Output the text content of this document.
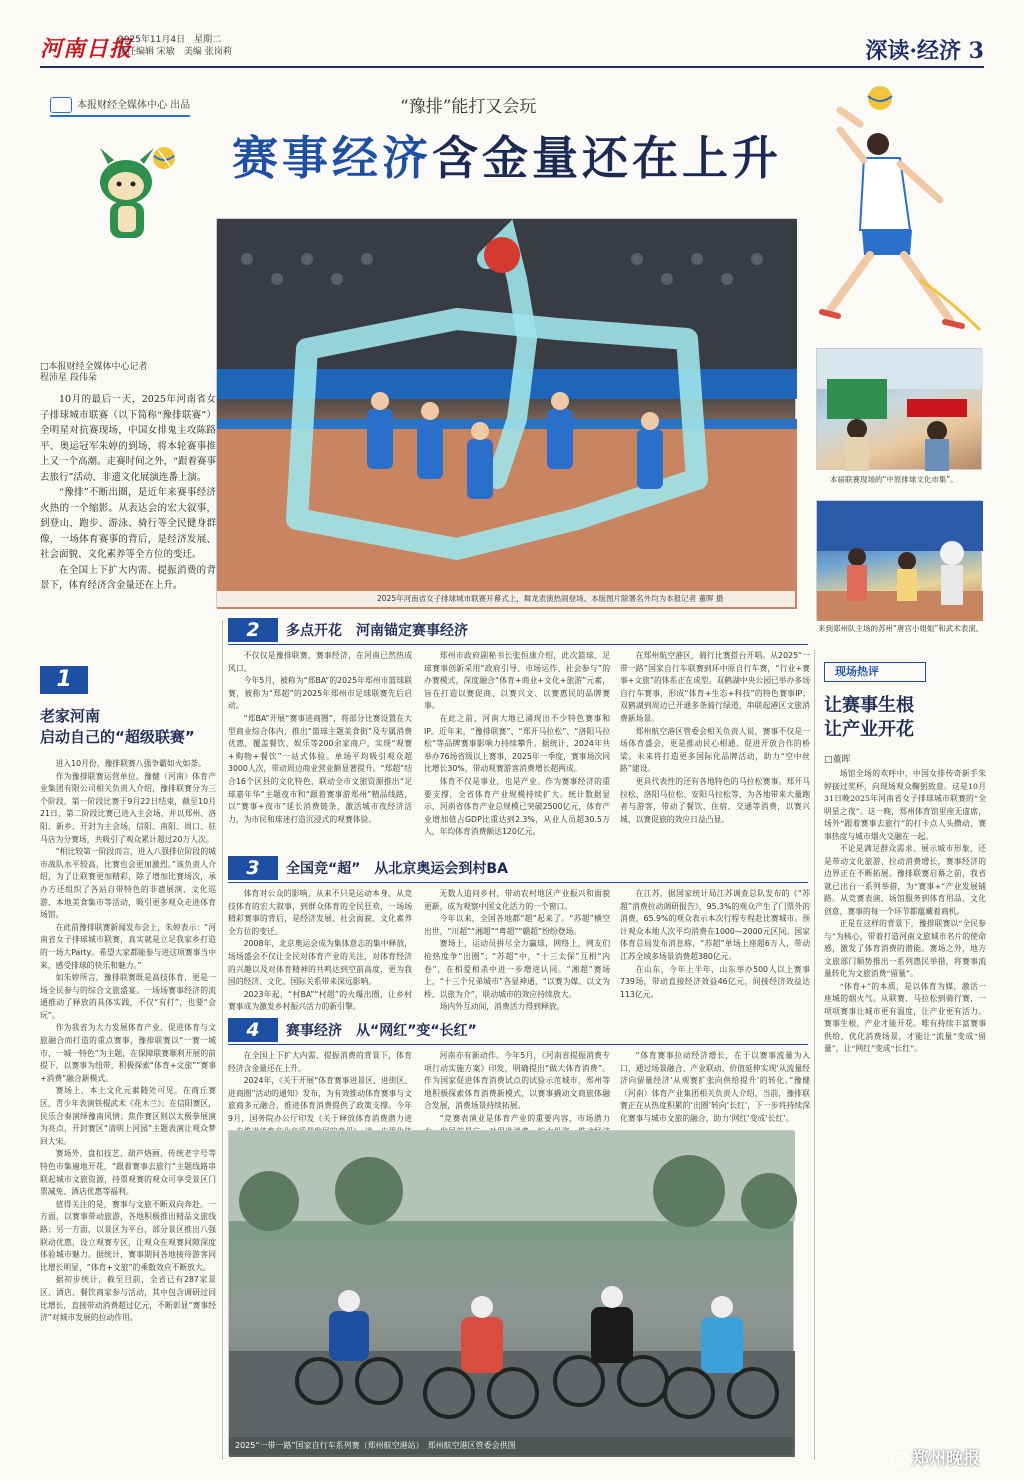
河南日报
2025年11月4日　星期二
责任编辑 宋敏　美编 张岗莉	深读·经济 3
本报财经全媒体中心 出品	“豫排”能打又会玩
赛事经济含金量还在上升
2025年河南省女子排球城市联赛开幕式上，舞龙表演热闹登场。本版图片除署名外均为本报记者 董晖 摄
本届联赛现场的“中原排球文化市集”。
来到郑州队主场的苏州“唐宫小姐姐”和武术表演。
□本报财经全媒体中心记者
程沛星 段伟朵

10月的最后一天，2025年河南省女子排球城市联赛（以下简称“豫排联赛”）全明星对抗赛现场，中国女排鬼主攻陈路平、奥运冠军朱婷的到场，将本轮赛事推上又一个高潮。走赛时间之外，“跟着赛事去旅行”活动、非遗文化展演连番上演。

“豫排”不断出圈，是近年来赛事经济火热的一个缩影。从表达会的宏大叙事，到登山、跑步、游泳、骑行等全民健身群像，一场体育赛事的背后，是经济发展、社会面貌、文化素养等全方位的变迁。

在全国上下扩大内需、提振消费的背景下，体育经济含金量还在上升。

1
老家河南
启动自己的“超级联赛”

进入10月份，豫排联赛八强争霸如火如荼。

作为豫排联赛运营单位，豫健（河南）体育产业集团有限公司相关负责人介绍，豫排联赛分为三个阶段，第一阶段比赛于9月22日结束，截至10月21日，第二阶段比赛已进入主会场，并以郑州、洛阳、新乡、开封为主会场，信阳、南阳、周口、驻马店为分赛场，共吸引了观众累计超过20万人次。

“相比较第一阶段而言，进入八强排位阶段的城市战队水平较高，比赛也会更加激烈。”该负责人介绍，为了让联赛更加精彩，除了增加比赛场次，承办方还组织了各站自带特色的非遗展演、文化巡游、本地美食集市等活动，吸引更多观众走进体育场馆。

在此前豫排联赛新闻发布会上，朱婷表示：“河南省女子排球城市联赛，真实就是立足我家乡打造的一场大Party。希望大家都能参与进这项赛事当中来，感受排球的快乐和魅力。”

如朱婷所言，豫排联赛既是高技体育，更是一场全民参与的综合文旅盛宴。一场场赛事经济的流通推动了释放的具体实践，不仅“有打”，也要“会玩”。

作为我省为大力发展体育产业、促进体育与文旅融合而打造的重点赛事，豫排联赛以“一赛一城市、一城一特色”为主题，在保障联赛顺利开展的前提下，以赛事为纽带，积极探索“体育+文旅”“赛事+消费”融合新模式。

赛场上，本土文化元素随处可见。在商丘赛区，青少年表演铁棍武术《花木兰》；在信阳赛区，民乐合奏演绎豫南风情；焦作赛区则以太极拳展演为亮点，开封赛区“清明上河园”主题表演让观众梦回大宋。

赛场外，盘扣技艺、葫芦烙画、传统老字号等特色市集遍地开花，“跟着赛事去旅行”主题线路串联起城市文旅资源，持票观赛的观众可享受景区门票减免、酒店优惠等福利。

值得关注的是，赛事与文旅不断双向奔赴。一方面，以赛事带动旅游，各地积极推出精品文旅线路；另一方面，以景区为平台，部分景区推出八强联动优惠，设立观赛专区，让观众在观赛间隙深度体验城市魅力。据统计，赛事期间各地接待游客同比增长明显，“体育+文旅”的乘数效应不断放大。

据初步统计，截至目前，全省已有287家景区、酒店、餐饮商家参与活动，其中包含调研过同比增长，直接带动消费超过亿元，不断彰显“赛事经济”对城市发展的拉动作用。

2	多点开花　河南锚定赛事经济

不仅仅是豫排联赛，赛事经济，在河南已然热成风口。

今年5月，被称为“郑BA”的2025年郑州市篮球联赛，被称为“郑超”的2025年郑州市足球联赛先后启动。

“郑BA”开展“赛事进商圈”，将部分比赛设置在大型商业综合体内，推出“篮球主题美食街”及专属消费优惠，覆盖餐饮、娱乐等200余家商户，实现“观赛+购物+餐饮”一站式体验。单场平均吸引观众超3000人次，带动周边商业营业额显著提升。“郑超”结合16个区县的文化特色，联动全市文旅资源推出“足球嘉年华”主题夜市和“跟着赛事游郑州”精品线路，以“赛事+夜市”延长消费链条，激活城市夜经济活力，为市民和球迷打造沉浸式的观赛体验。

郑州市政府副秘书长张恒康介绍，此次篮球、足球赛事创新采用“政府引导、市场运作、社会参与”的办赛模式，深度融合“体育+商业+文化+旅游”元素，旨在打造以赛促商、以赛兴文、以赛惠民的品牌赛事。

在此之前，河南大地已涌现出不少特色赛事和IP。近年来，“豫排联赛”、“郑开马拉松”、“洛阳马拉松”等品牌赛事影响力持续攀升。据统计，2024年共举办76场省级以上赛事，2025年一季度，赛事场次同比增长30%，带动观赛游客消费增长超两成。

体育不仅是事业，也是产业。作为赛事经济的重要支撑，全省体育产业规模持续扩大。统计数据显示，河南省体育产业总规模已突破2500亿元，体育产业增加值占GDP比重达到2.3%，从业人员超30.5万人，年均体育消费额达120亿元。

在郑州航空港区，骑行比赛搭台开唱。从2025“一带一路”国家自行车联赛到环中原自行车赛，“行业+赛事+文旅”的体系正在成型。双鹤湖中央公园已举办多场自行车赛事，形成“体育+生态+科技”的特色赛事IP；双鹤湖到周边已开通多条骑行绿道，串联起港区文旅消费新场景。

郑州航空港区管委会相关负责人说，赛事不仅是一场体育盛会，更是推动民心相通、促进开放合作的桥梁。未来将打造更多国际化品牌活动，助力“空中丝路”建设。

更具代表性的还有各地特色的马拉松赛事。郑开马拉松、洛阳马拉松、安阳马拉松等，为各地带来大量跑者与游客，带动了餐饮、住宿、交通等消费，以赛兴城、以赛促旅的效应日益凸显。

3	全国竞“超”　从北京奥运会到村BA

体育对公众的影响，从来不只是运动本身。从竞技体育的宏大叙事，到群众体育的全民狂欢，一场场精彩赛事的背后，是经济发展、社会面貌、文化素养全方位的变迁。

2008年，北京奥运会成为集体意志的集中释放，场场盛会不仅让全民对体育产业的关注，对体育经济的兴趣以及对体育精神的共鸣达到空前高度，更为我国的经济、文化、国际关系带来深远影响。

2023年起，“村BA”“村超”的火爆出圈，让乡村赛事成为激发乡村振兴活力的新引擎。

无数人追问乡村，带动农村地区产业振兴和面貌更新，成为观察中国文化活力的一个窗口。

今年以来，全国各地都“超”起来了。“苏超”横空出世，“川超”“湘超”“粤超”“赣超”纷纷登场。

赛场上，运动员拼尽全力赢球，网络上，网友们抢热度争“出圈”；“苏超”中，“十三太保”互相“内卷”，在相爱相杀中进一步增进认同。“湘超”赛场上，“十三个兄弟城市”各显神通，“以赛为媒、以文为桥、以旅为介”，联动城市的效应持续放大。

场内外互动间，消费活力得到释放。

在江苏，据国家统计局江苏调查总队发布的《“苏超”消费拉动调研报告》，95.3%的观众产生了门票外的消费，65.9%的观众表示本次行程专程赴比赛城市。预计观众本地人次平均消费在1000—2000元区间。国家体育总局发布消息称，“苏超”单场上座超6万人，带动江苏全域多场景消费超380亿元。

在山东，今年上半年，山东举办500人以上赛事739场，带动直接经济效益46亿元，间接经济效益达113亿元。

4	赛事经济　从“网红”变“长红”

在全国上下扩大内需、提振消费的背景下，体育经济含金量还在上升。

2024年，《关于开展“体育赛事进景区、进街区、进商圈”活动的通知》发布，为有效推动体育赛事与文旅商多元融合，推进体育消费提供了政策支撑。今年9月，国务院办公厅印发《关于释放体育消费潜力进

河南亦有新动作。今年5月，《河南省提振消费专项行动实施方案》印发，明确提出“做大体育消费”。作为国家促进体育消费试点的试验示范城市，郑州等地积极探索体育消费新模式，以赛事撬动文商旅体融合发展，消费场景持续拓展。

“竞赛表演业是体育产业的重要内容，市场潜力

“体育赛事拉动经济增长，在于以赛事流量为入口，通过场景融合、产业联动、价值延伸实现‘从流量经济向留量经济’从观赛扩张向供给提升’的转化。”豫健（河南）体育产业集团相关负责人介绍，当前，豫排联赛正在从热度积累的‘出圈’转向‘长红’，下一步将持续深化赛事与城市文旅的融合，助力‘网红’变成‘长红’。

2025“一带一路”国家自行车系列赛（郑州航空港站）　郑州航空港区管委会供图
现场热评
让赛事生根
让产业开花
□董晖

场馆全场的欢呼中，中国女排传奇新手朱婷接过奖杯，向现场观众鞠躬致意。这是10月31日晚2025年河南省女子排球城市联赛的“全明星之夜”。这一晚，郑州体育馆里座无虚席，场外“跟着赛事去旅行”的打卡点人头攒动，赛事热度与城市烟火交融在一起。

不论是满足群众需求、展示城市形象，还是带动文化旅游、拉动消费增长，赛事经济的边界正在不断拓展。豫排联赛启幕之前，我省就已出台一系列举措，为“赛事+”产业发展铺路。从竞赛表演、场馆服务到体育用品、文化创意，赛事的每一个环节都蕴藏着商机。

正是在这样的背景下，豫排联赛以“全民参与”为核心，带着打造河南文旅城市名片的使命感，激发了体育消费的潜能。赛场之外，地方文旅部门顺势推出一系列惠民举措，将赛事流量转化为文旅消费“留量”。

“体育+”的本质，是以体育为媒，激活一座城的烟火气。从联赛、马拉松到骑行赛，一项项赛事让城市更有温度，让产业更有活力。赛事生根，产业才能开花。唯有持续丰富赛事供给、优化消费场景，才能让“流量”变成“留量”，让“网红”变成“长红”。

郑州晚报
